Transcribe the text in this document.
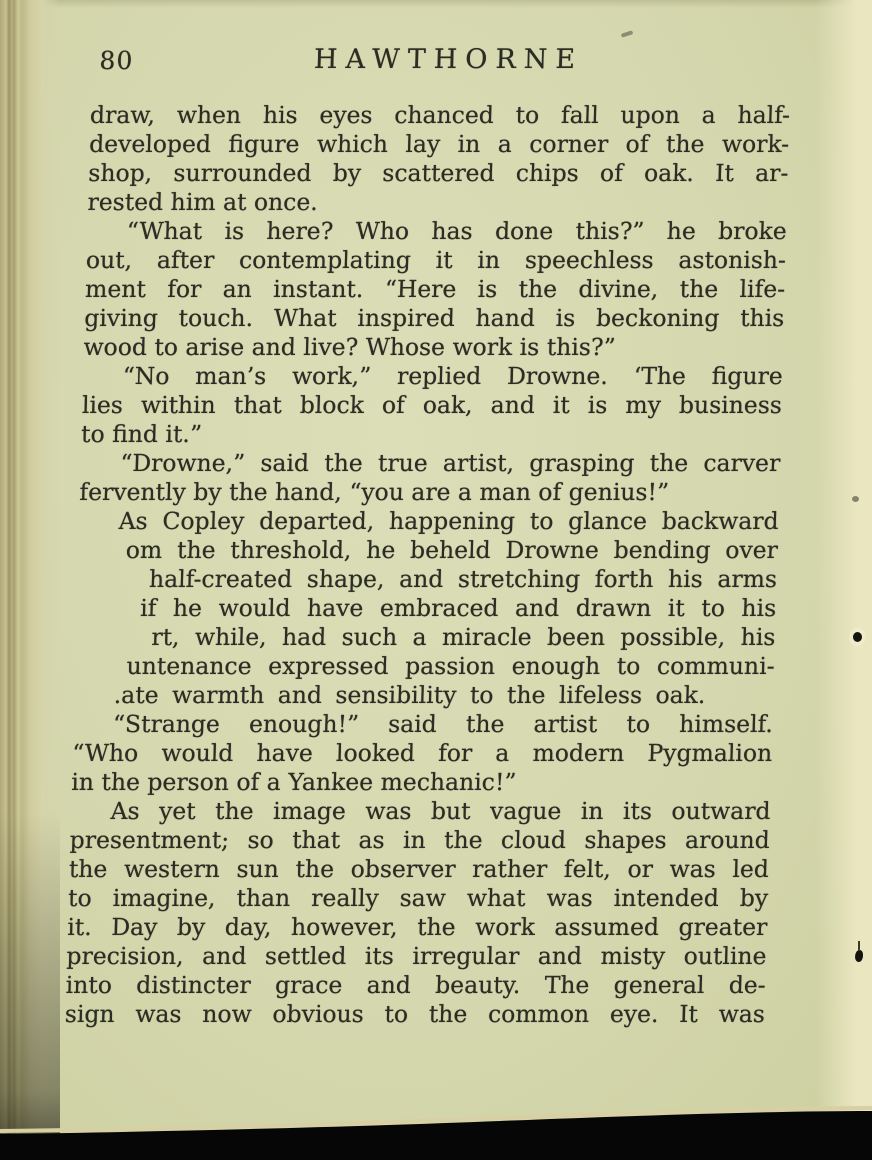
80	HAWTHORNE
draw, when his eyes chanced to fall upon a half-
developed figure which lay in a corner of the work-
shop, surrounded by scattered chips of oak. It ar-
rested him at once.
“What is here? Who has done this?” he broke
out, after contemplating it in speechless astonish-
ment for an instant. “Here is the divine, the life-
giving touch. What inspired hand is beckoning this
wood to arise and live? Whose work is this?”
“No man’s work,” replied Drowne. ‘The figure
lies within that block of oak, and it is my business
to find it.”
“Drowne,” said the true artist, grasping the carver
fervently by the hand, “you are a man of genius!”
As Copley departed, happening to glance backward
om the threshold, he beheld Drowne bending over
half-created shape, and stretching forth his arms
if he would have embraced and drawn it to his
rt, while, had such a miracle been possible, his
untenance expressed passion enough to communi-
.ate warmth and sensibility to the lifeless oak.
“Strange enough!” said the artist to himself.
“Who would have looked for a modern Pygmalion
in the person of a Yankee mechanic!”
As yet the image was but vague in its outward
presentment; so that as in the cloud shapes around
the western sun the observer rather felt, or was led
to imagine, than really saw what was intended by
it. Day by day, however, the work assumed greater
precision, and settled its irregular and misty outline
into distincter grace and beauty. The general de-
sign was now obvious to the common eye. It was
